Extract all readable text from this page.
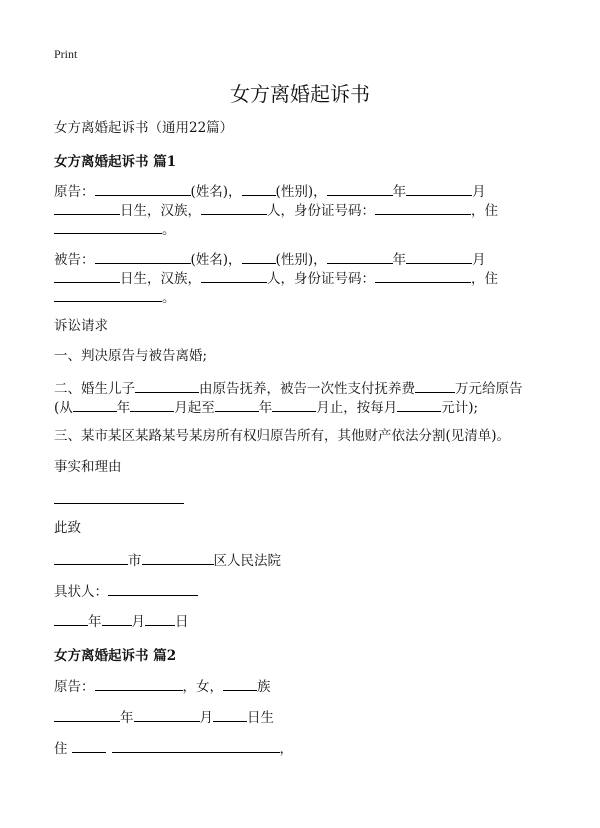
Print
女方离婚起诉书
女方离婚起诉书（通用22篇）
女方离婚起诉书 篇1
原告：	(姓名)，	(性别)，	年	月
日生，汉族，	人，身份证号码：	，住
。
被告：	(姓名)，	(性别)，	年	月
日生，汉族，	人，身份证号码：	，住
。
诉讼请求
一、判决原告与被告离婚;
二、婚生儿子	由原告抚养，被告一次性支付抚养费	万元给原告
(从	年	月起至	年	月止，按每月	元计);
三、某市某区某路某号某房所有权归原告所有，其他财产依法分割(见清单)。
事实和理由
此致
市	区人民法院
具状人：
年 月 日
女方离婚起诉书 篇2
原告：	，女，	族
年	月	日生
住	，
